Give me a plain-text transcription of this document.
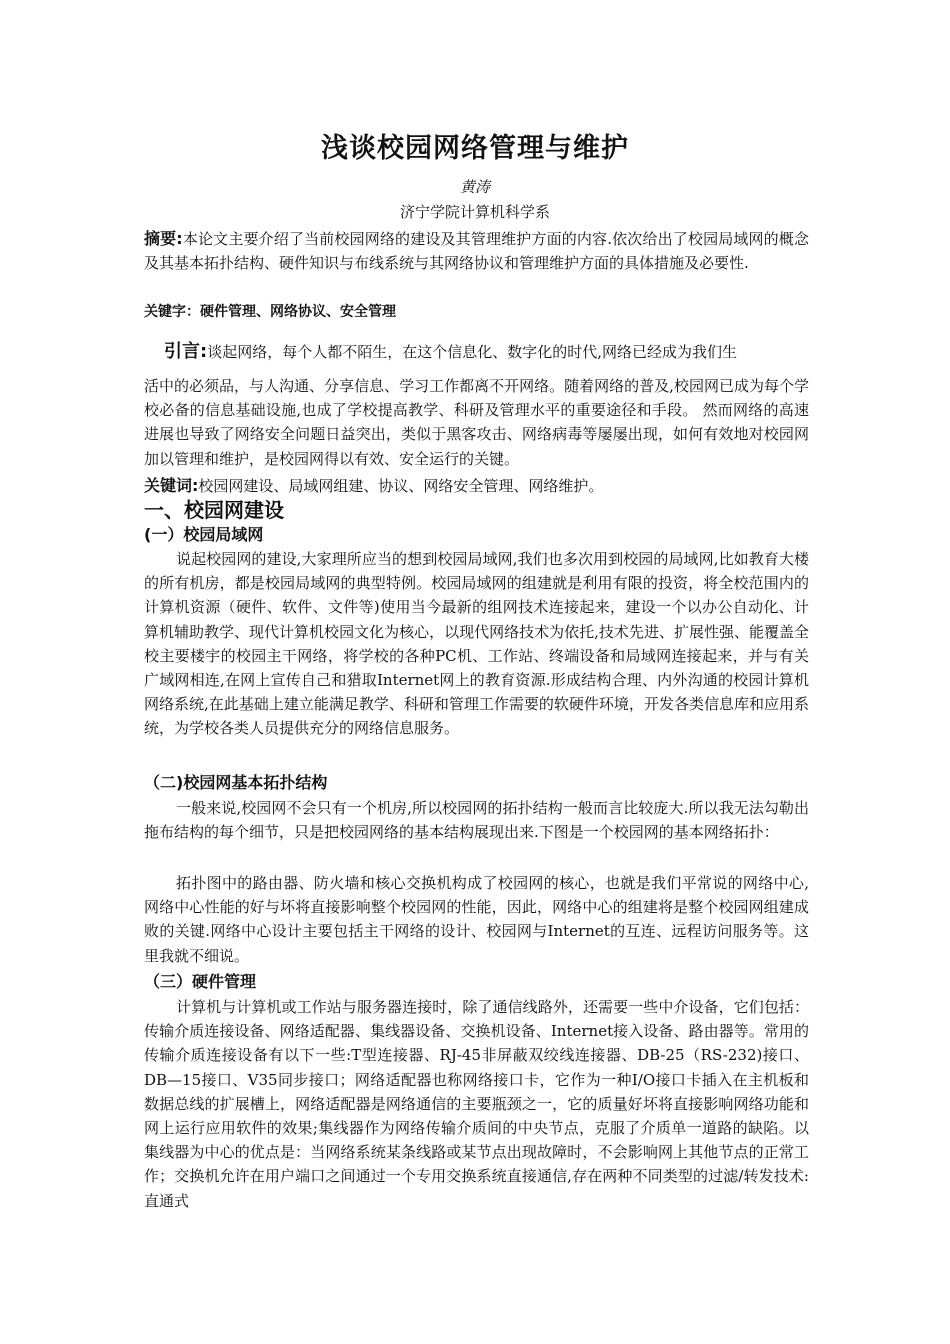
浅谈校园网络管理与维护
黄涛
济宁学院计算机科学系
摘要:本论文主要介绍了当前校园网络的建设及其管理维护方面的内容.依次给出了校园局域网的概念及其基本拓扑结构、硬件知识与布线系统与其网络协议和管理维护方面的具体措施及必要性.
关键字：硬件管理、网络协议、安全管理
引言:谈起网络，每个人都不陌生，在这个信息化、数字化的时代,网络已经成为我们生
活中的必须品，与人沟通、分享信息、学习工作都离不开网络。随着网络的普及,校园网已成为每个学校必备的信息基础设施,也成了学校提高教学、科研及管理水平的重要途径和手段。 然而网络的高速进展也导致了网络安全问题日益突出，类似于黑客攻击、网络病毒等屡屡出现，如何有效地对校园网加以管理和维护，是校园网得以有效、安全运行的关键。
关键词:校园网建设、局域网组建、协议、网络安全管理、网络维护。
一、校园网建设
(一）校园局域网
说起校园网的建设,大家理所应当的想到校园局域网,我们也多次用到校园的局域网,比如教育大楼的所有机房，都是校园局域网的典型特例。校园局域网的组建就是利用有限的投资，将全校范围内的计算机资源（硬件、软件、文件等)使用当今最新的组网技术连接起来，建设一个以办公自动化、计算机辅助教学、现代计算机校园文化为核心，以现代网络技术为依托,技术先进、扩展性强、能覆盖全校主要楼宇的校园主干网络，将学校的各种PC机、工作站、终端设备和局域网连接起来，并与有关广域网相连,在网上宣传自己和猎取Internet网上的教育资源.形成结构合理、内外沟通的校园计算机网络系统,在此基础上建立能满足教学、科研和管理工作需要的软硬件环境，开发各类信息库和应用系统，为学校各类人员提供充分的网络信息服务。
（二)校园网基本拓扑结构
一般来说,校园网不会只有一个机房,所以校园网的拓扑结构一般而言比较庞大.所以我无法勾勒出拖布结构的每个细节，只是把校园网络的基本结构展现出来.下图是一个校园网的基本网络拓扑：
拓扑图中的路由器、防火墙和核心交换机构成了校园网的核心，也就是我们平常说的网络中心,网络中心性能的好与坏将直接影响整个校园网的性能，因此，网络中心的组建将是整个校园网组建成败的关键.网络中心设计主要包括主干网络的设计、校园网与Internet的互连、远程访问服务等。这里我就不细说。
（三）硬件管理
计算机与计算机或工作站与服务器连接时，除了通信线路外，还需要一些中介设备，它们包括：传输介质连接设备、网络适配器、集线器设备、交换机设备、Internet接入设备、路由器等。常用的传输介质连接设备有以下一些:T型连接器、RJ-45非屏蔽双绞线连接器、DB-25（RS-232)接口、DB—15接口、V35同步接口；网络适配器也称网络接口卡，它作为一种I/O接口卡插入在主机板和数据总线的扩展槽上，网络适配器是网络通信的主要瓶颈之一，它的质量好坏将直接影响网络功能和网上运行应用软件的效果;集线器作为网络传输介质间的中央节点，克服了介质单一道路的缺陷。以集线器为中心的优点是：当网络系统某条线路或某节点出现故障时，不会影响网上其他节点的正常工作；交换机允许在用户端口之间通过一个专用交换系统直接通信,存在两种不同类型的过滤/转发技术:直通式
